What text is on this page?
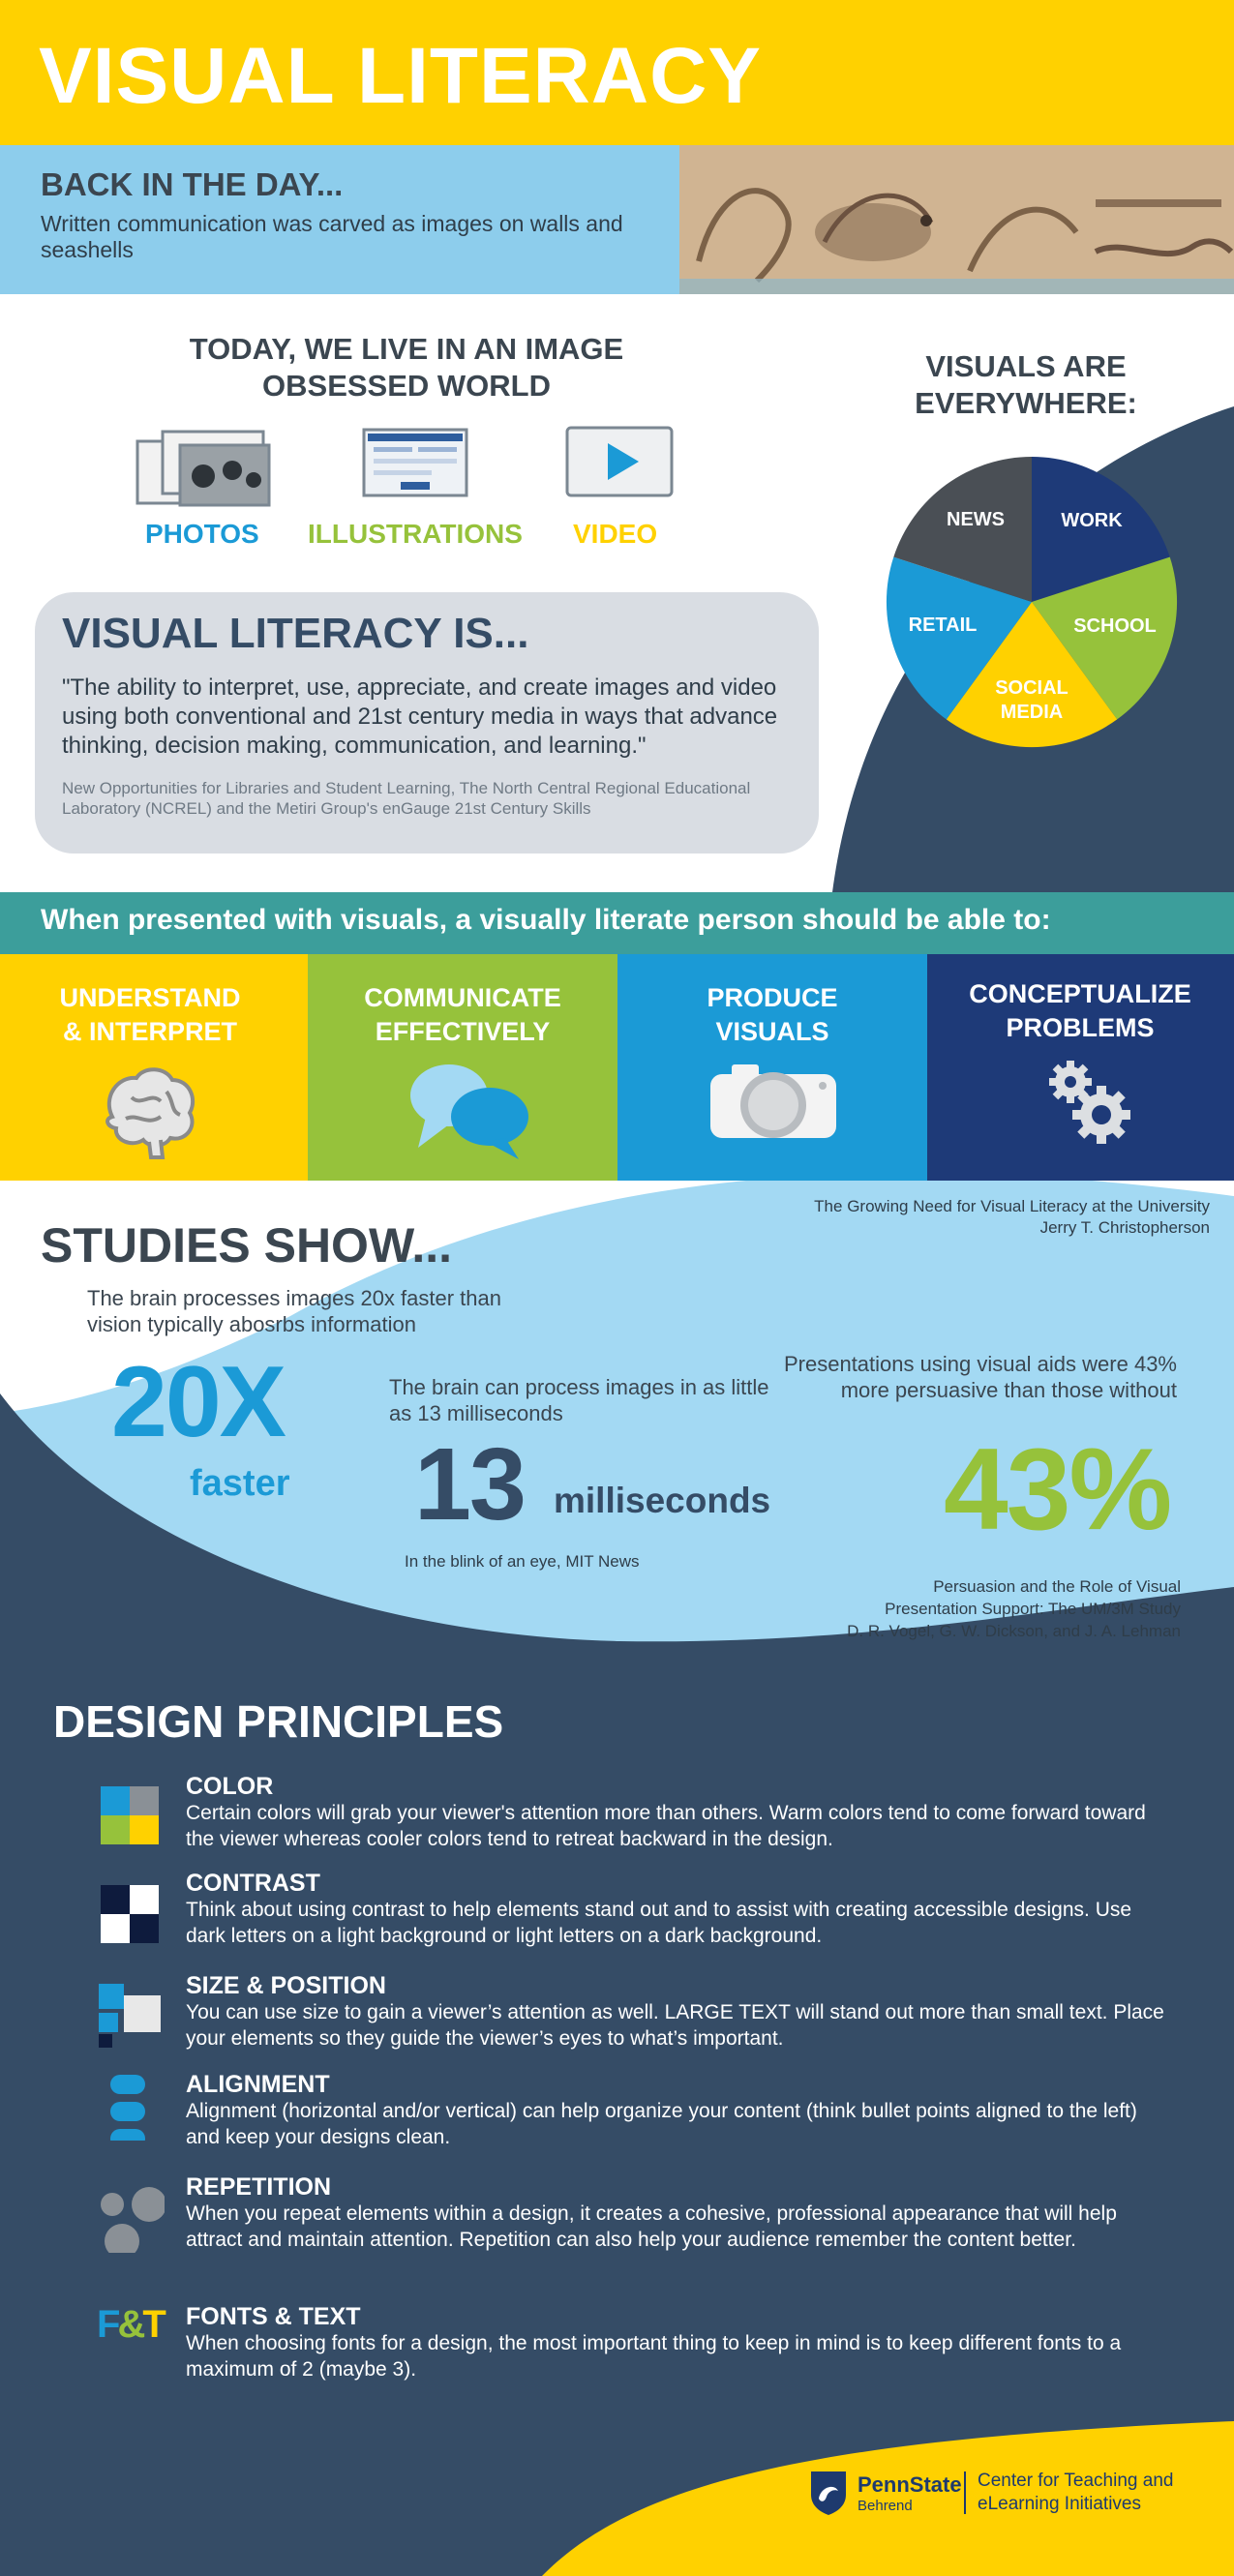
VISUAL LITERACY
BACK IN THE DAY...
Written communication was carved as images on walls and seashells
TODAY, WE LIVE IN AN IMAGE OBSESSED WORLD
PHOTOS ILLUSTRATIONS VIDEO
VISUALS ARE EVERYWHERE:
NEWS	WORK
SCHOOL
RETAIL
SOCIAL
MEDIA
VISUAL LITERACY IS...
"The ability to interpret, use, appreciate, and create images and video using both conventional and 21st century media in ways that advance thinking, decision making, communication, and learning."
New Opportunities for Libraries and Student Learning, The North Central Regional Educational Laboratory (NCREL) and the Metiri Group's enGauge 21st Century Skills
When presented with visuals, a visually literate person should be able to:
UNDERSTAND
& INTERPRET
COMMUNICATE
EFFECTIVELY
PRODUCE
VISUALS
CONCEPTUALIZE
PROBLEMS
STUDIES SHOW...
The Growing Need for Visual Literacy at the University
Jerry T. Christopherson
The brain processes images 20x faster than vision typically abosrbs information
20X
faster
The brain can process images in as little as 13 milliseconds
13 milliseconds
In the blink of an eye, MIT News
Presentations using visual aids were 43% more persuasive than those without
43%
Persuasion and the Role of Visual
Presentation Support: The UM/3M Study
D. R. Vogel, G. W. Dickson, and J. A. Lehman
DESIGN PRINCIPLES
COLOR
Certain colors will grab your viewer's attention more than others. Warm colors tend to come forward toward the viewer whereas cooler colors tend to retreat backward in the design.
CONTRAST
Think about using contrast to help elements stand out and to assist with creating accessible designs. Use dark letters on a light background or light letters on a dark background.
SIZE & POSITION
You can use size to gain a viewer’s attention as well. LARGE TEXT will stand out more than small text. Place your elements so they guide the viewer’s eyes to what’s important.
ALIGNMENT
Alignment (horizontal and/or vertical) can help organize your content (think bullet points aligned to the left) and keep your designs clean.
REPETITION
When you repeat elements within a design, it creates a cohesive, professional appearance that will help attract and maintain attention. Repetition can also help your audience remember the content better.
F&T FONTS & TEXT
When choosing fonts for a design, the most important thing to keep in mind is to keep different fonts to a maximum of 2 (maybe 3).
PennState
Behrend
Center for Teaching and eLearning Initiatives
